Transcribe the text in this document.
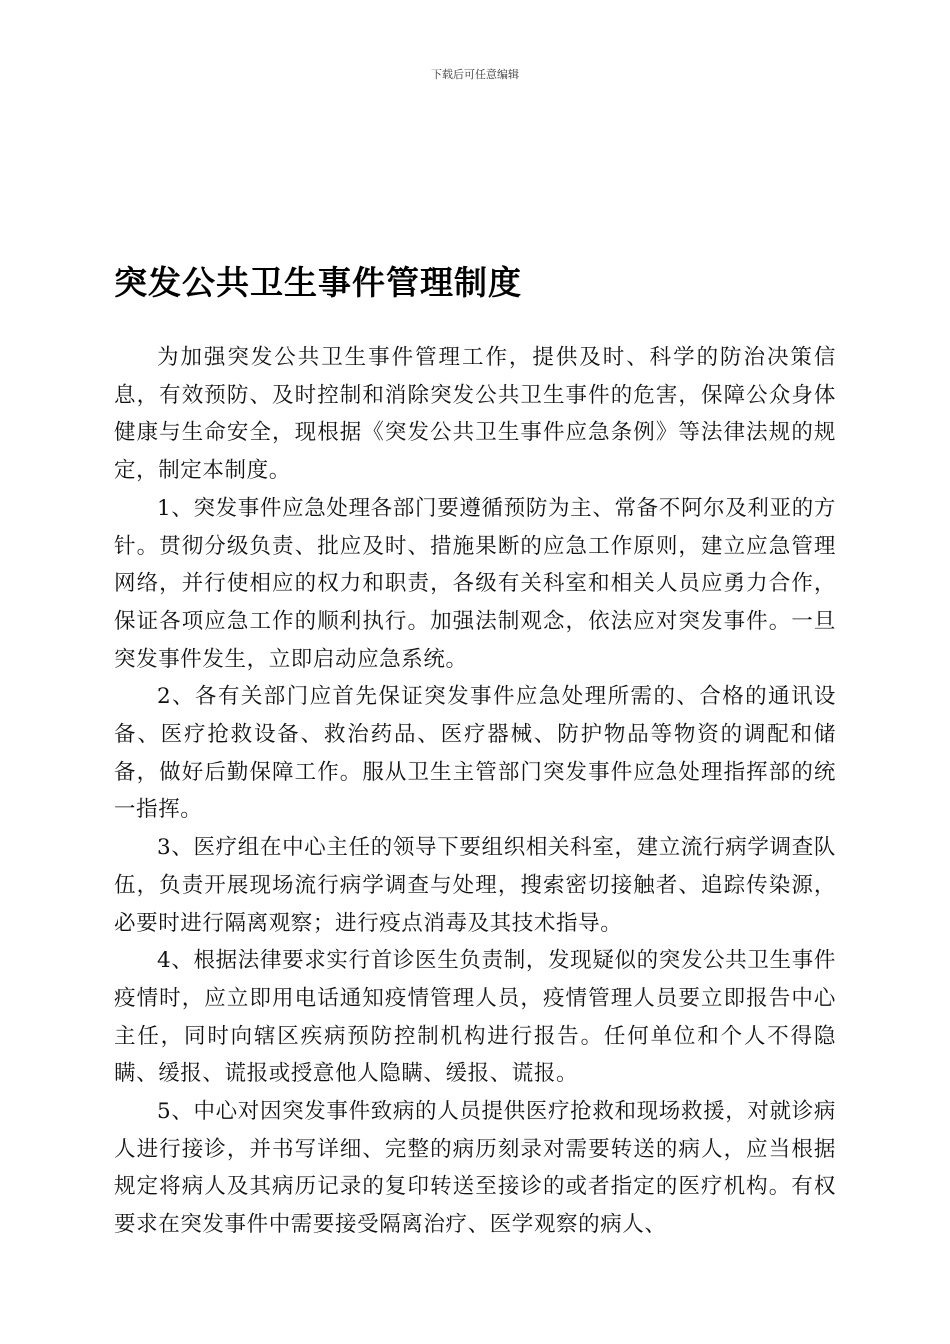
下载后可任意编辑
突发公共卫生事件管理制度

为加强突发公共卫生事件管理工作，提供及时、科学的防治决策信息，有效预防、及时控制和消除突发公共卫生事件的危害，保障公众身体健康与生命安全，现根据《突发公共卫生事件应急条例》等法律法规的规定，制定本制度。

1、突发事件应急处理各部门要遵循预防为主、常备不阿尔及利亚的方针。贯彻分级负责、批应及时、措施果断的应急工作原则，建立应急管理网络，并行使相应的权力和职责，各级有关科室和相关人员应勇力合作，保证各项应急工作的顺利执行。加强法制观念，依法应对突发事件。一旦突发事件发生，立即启动应急系统。

2、各有关部门应首先保证突发事件应急处理所需的、合格的通讯设备、医疗抢救设备、救治药品、医疗器械、防护物品等物资的调配和储备，做好后勤保障工作。服从卫生主管部门突发事件应急处理指挥部的统一指挥。

3、医疗组在中心主任的领导下要组织相关科室，建立流行病学调查队伍，负责开展现场流行病学调查与处理，搜索密切接触者、追踪传染源，必要时进行隔离观察；进行疫点消毒及其技术指导。

4、根据法律要求实行首诊医生负责制，发现疑似的突发公共卫生事件疫情时，应立即用电话通知疫情管理人员，疫情管理人员要立即报告中心主任，同时向辖区疾病预防控制机构进行报告。任何单位和个人不得隐瞒、缓报、谎报或授意他人隐瞒、缓报、谎报。

5、中心对因突发事件致病的人员提供医疗抢救和现场救援，对就诊病人进行接诊，并书写详细、完整的病历刻录对需要转送的病人，应当根据规定将病人及其病历记录的复印转送至接诊的或者指定的医疗机构。有权要求在突发事件中需要接受隔离治疗、医学观察的病人、
